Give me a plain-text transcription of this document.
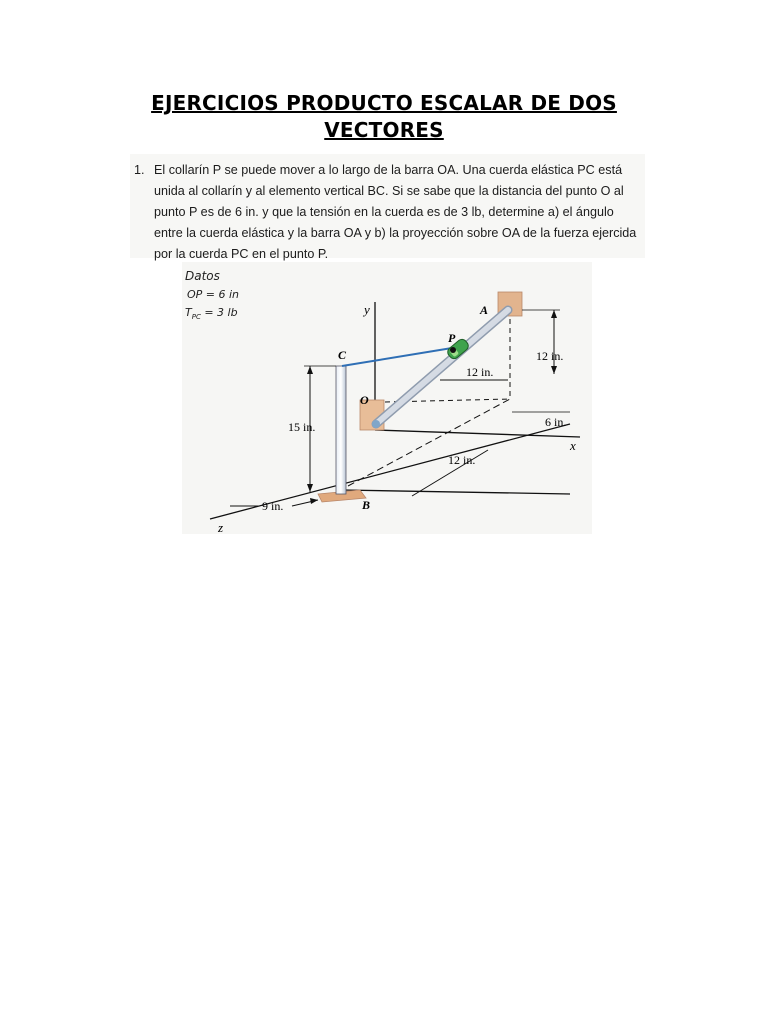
EJERCICIOS PRODUCTO ESCALAR DE DOS
VECTORES
1. El collarín P se puede mover a lo largo de la barra OA. Una cuerda elástica PC está unida al collarín y al elemento vertical BC. Si se sabe que la distancia del punto O al punto P es de 6 in. y que la tensión en la cuerda es de 3 lb, determine a) el ángulo entre la cuerda elástica y la barra OA y b) la proyección sobre OA de la fuerza ejercida por la cuerda PC en el punto P.
12 in.
12 in.
6 in.
15 in.
12 in.
9 in.
A
B
C
O
P
x
y
z
Datos
OP = 6 in
$T_{PC} = 3$ lb
